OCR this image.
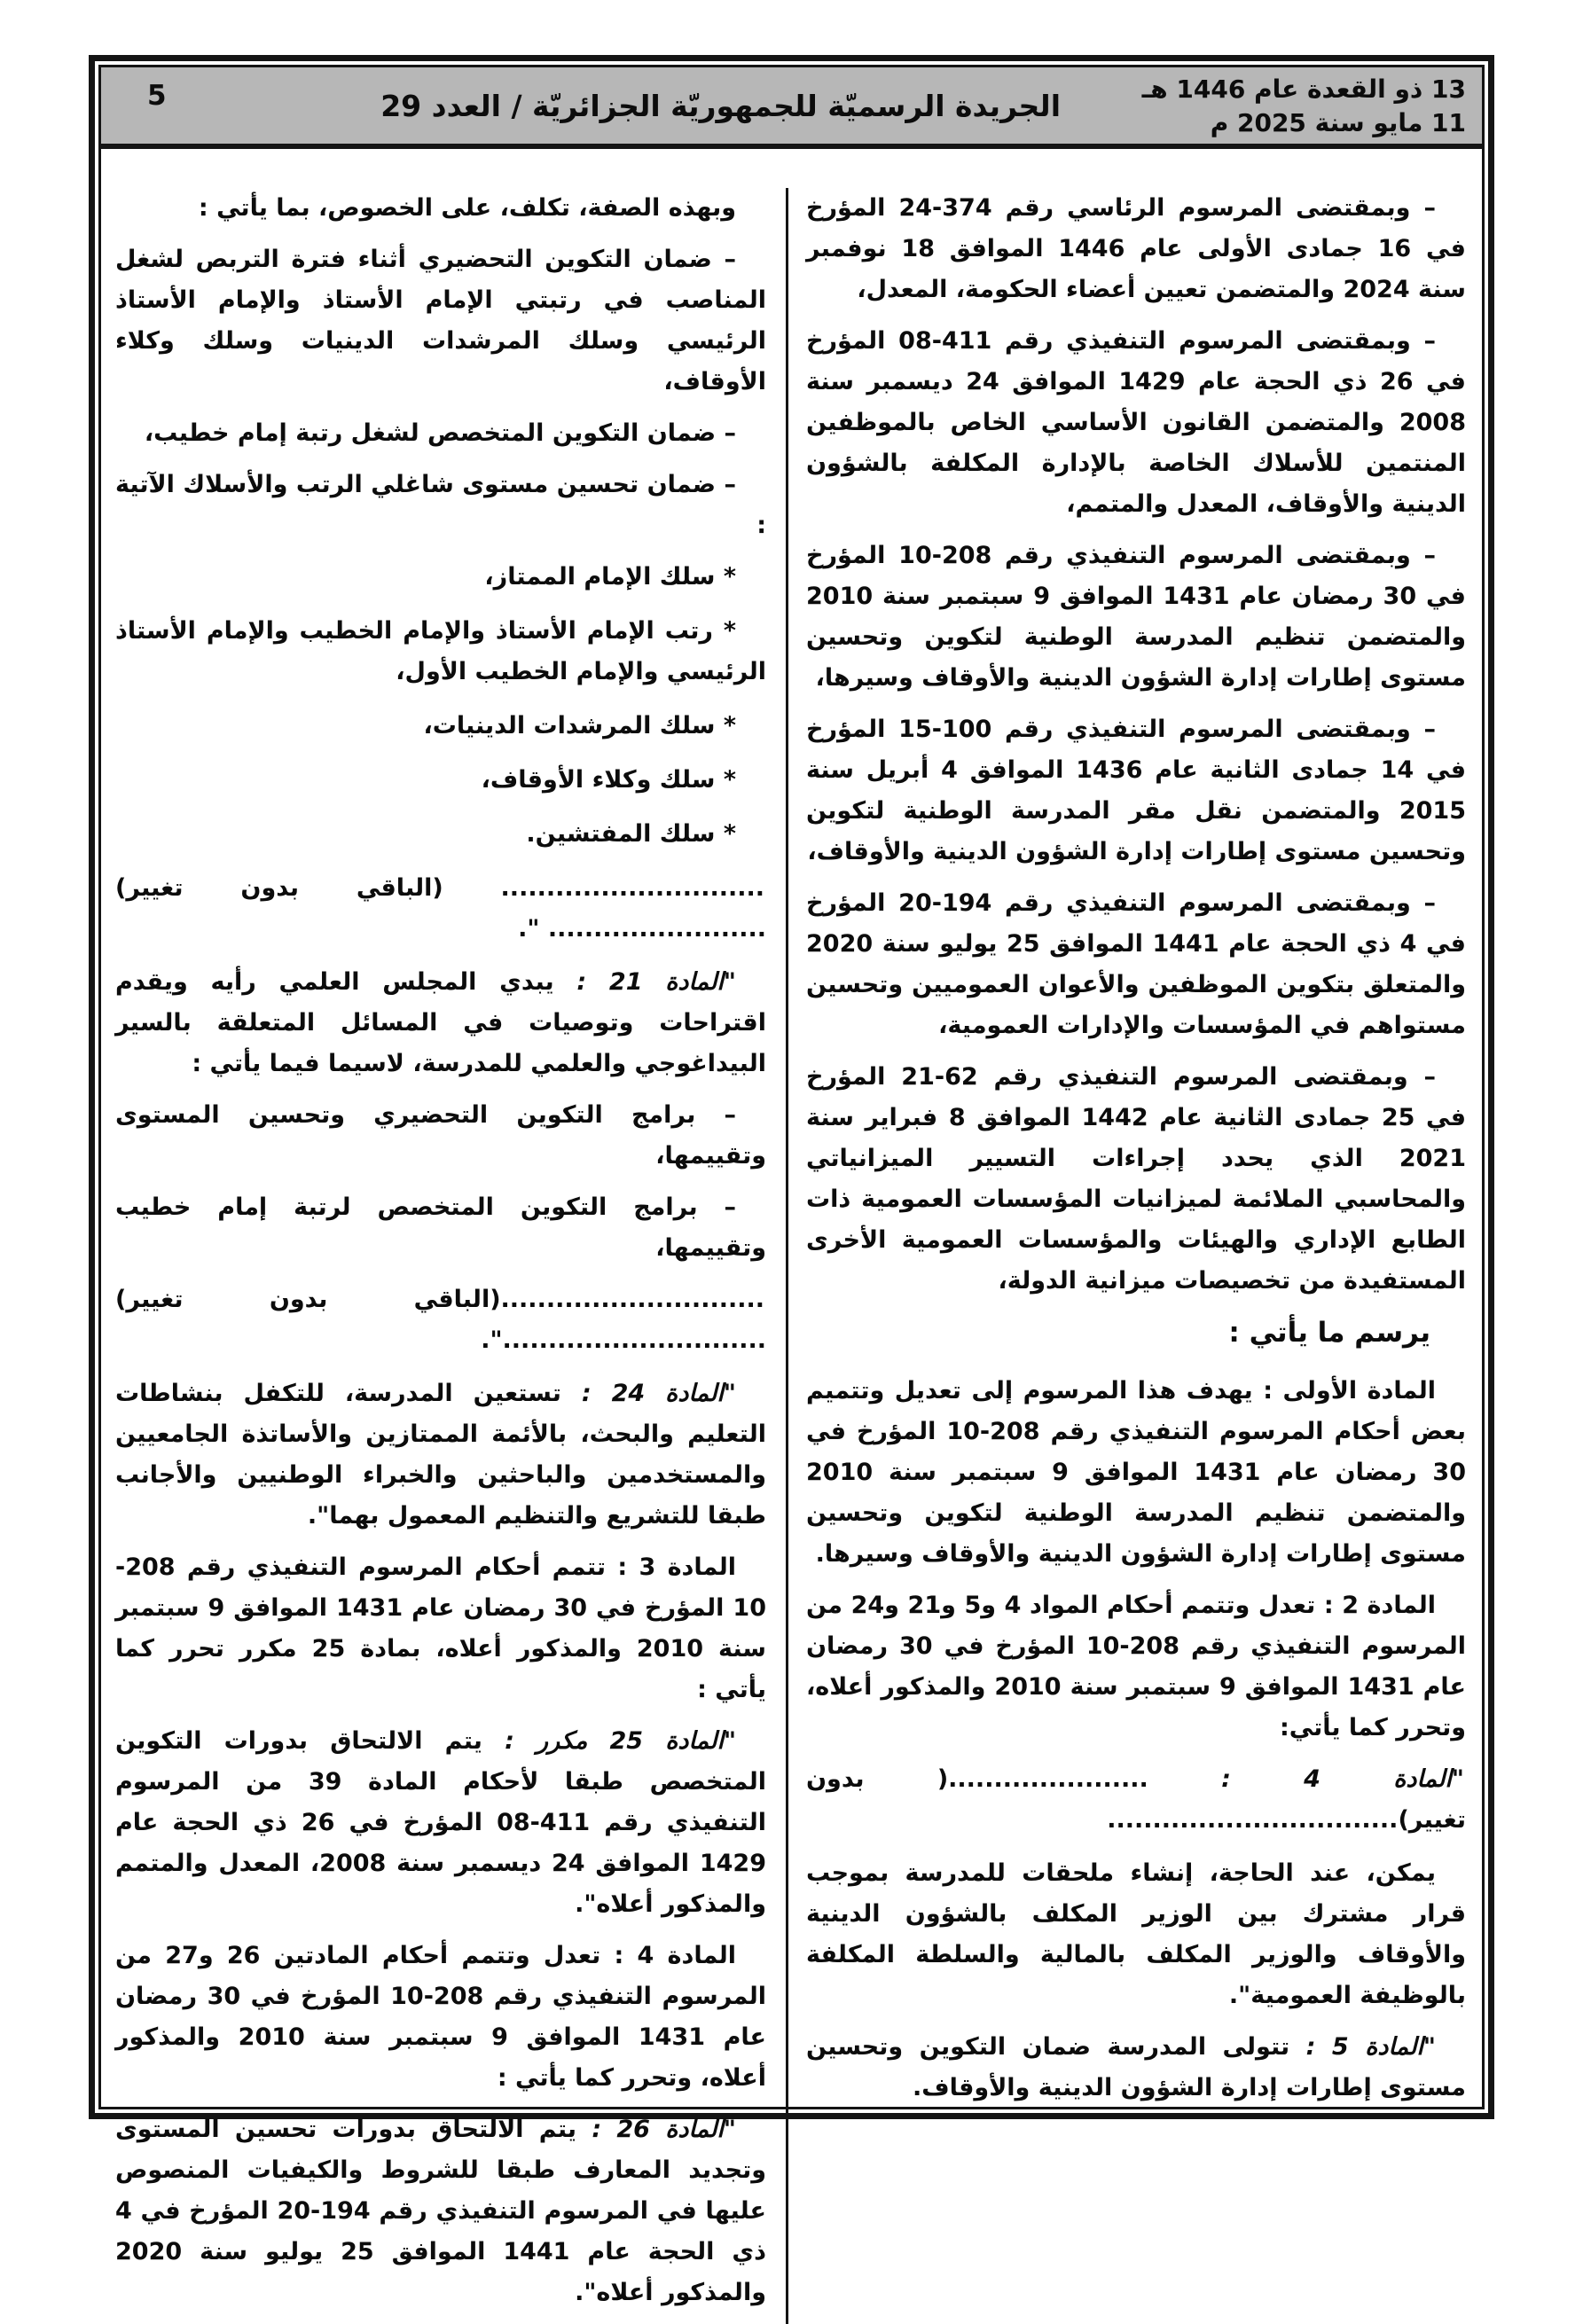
13 ذو القعدة عام 1446 هـ
11 مايو سنة 2025 م
الجريدة الرسميّة للجمهوريّة الجزائريّة / العدد 29
5

– وبمقتضى المرسوم الرئاسي رقم 374-24 المؤرخ في 16 جمادى الأولى عام 1446 الموافق 18 نوفمبر سنة 2024 والمتضمن تعيين أعضاء الحكومة، المعدل،

– وبمقتضى المرسوم التنفيذي رقم 411-08 المؤرخ في 26 ذي الحجة عام 1429 الموافق 24 ديسمبر سنة 2008 والمتضمن القانون الأساسي الخاص بالموظفين المنتمين للأسلاك الخاصة بالإدارة المكلفة بالشؤون الدينية والأوقاف، المعدل والمتمم،

– وبمقتضى المرسوم التنفيذي رقم 208-10 المؤرخ في 30 رمضان عام 1431 الموافق 9 سبتمبر سنة 2010 والمتضمن تنظيم المدرسة الوطنية لتكوين وتحسين مستوى إطارات إدارة الشؤون الدينية والأوقاف وسيرها،

– وبمقتضى المرسوم التنفيذي رقم 100-15 المؤرخ في 14 جمادى الثانية عام 1436 الموافق 4 أبريل سنة 2015 والمتضمن نقل مقر المدرسة الوطنية لتكوين وتحسين مستوى إطارات إدارة الشؤون الدينية والأوقاف،

– وبمقتضى المرسوم التنفيذي رقم 194-20 المؤرخ في 4 ذي الحجة عام 1441 الموافق 25 يوليو سنة 2020 والمتعلق بتكوين الموظفين والأعوان العموميين وتحسين مستواهم في المؤسسات والإدارات العمومية،

– وبمقتضى المرسوم التنفيذي رقم 62-21 المؤرخ في 25 جمادى الثانية عام 1442 الموافق 8 فبراير سنة 2021 الذي يحدد إجراءات التسيير الميزانياتي والمحاسبي الملائمة لميزانيات المؤسسات العمومية ذات الطابع الإداري والهيئات والمؤسسات العمومية الأخرى المستفيدة من تخصيصات ميزانية الدولة،

يرسم ما يأتي :

المادة الأولى : يهدف هذا المرسوم إلى تعديل وتتميم بعض أحكام المرسوم التنفيذي رقم 208-10 المؤرخ في 30 رمضان عام 1431 الموافق 9 سبتمبر سنة 2010 والمتضمن تنظيم المدرسة الوطنية لتكوين وتحسين مستوى إطارات إدارة الشؤون الدينية والأوقاف وسيرها.

المادة 2 : تعدل وتتمم أحكام المواد 4 و5 و21 و24 من المرسوم التنفيذي رقم 208-10 المؤرخ في 30 رمضان عام 1431 الموافق 9 سبتمبر سنة 2010 والمذكور أعلاه، وتحرر كما يأتي:

"المادة 4 : ......................( بدون تغيير)................................

يمكن، عند الحاجة، إنشاء ملحقات للمدرسة بموجب قرار مشترك بين الوزير المكلف بالشؤون الدينية والأوقاف والوزير المكلف بالمالية والسلطة المكلفة بالوظيفة العمومية".

"المادة 5 : تتولى المدرسة ضمان التكوين وتحسين مستوى إطارات إدارة الشؤون الدينية والأوقاف.

وبهذه الصفة، تكلف، على الخصوص، بما يأتي :

– ضمان التكوين التحضيري أثناء فترة التربص لشغل المناصب في رتبتي الإمام الأستاذ والإمام الأستاذ الرئيسي وسلك المرشدات الدينيات وسلك وكلاء الأوقاف،

– ضمان التكوين المتخصص لشغل رتبة إمام خطيب،

– ضمان تحسين مستوى شاغلي الرتب والأسلاك الآتية :

* سلك الإمام الممتاز،

* رتب الإمام الأستاذ والإمام الخطيب والإمام الأستاذ الرئيسي والإمام الخطيب الأول،

* سلك المرشدات الدينيات،

* سلك وكلاء الأوقاف،

* سلك المفتشين.

............................. (الباقي بدون تغيير) ........................ ".

"المادة 21 : يبدي المجلس العلمي رأيه ويقدم اقتراحات وتوصيات في المسائل المتعلقة بالسير البيداغوجي والعلمي للمدرسة، لاسيما فيما يأتي :

– برامج التكوين التحضيري وتحسين المستوى وتقييمها،

– برامج التكوين المتخصص لرتبة إمام خطيب وتقييمها،

.............................(الباقي بدون تغيير) .............................".

"المادة 24 : تستعين المدرسة، للتكفل بنشاطات التعليم والبحث، بالأئمة الممتازين والأساتذة الجامعيين والمستخدمين والباحثين والخبراء الوطنيين والأجانب طبقا للتشريع والتنظيم المعمول بهما".

المادة 3 : تتمم أحكام المرسوم التنفيذي رقم 208-10 المؤرخ في 30 رمضان عام 1431 الموافق 9 سبتمبر سنة 2010 والمذكور أعلاه، بمادة 25 مكرر تحرر كما يأتي :

"المادة 25 مكرر : يتم الالتحاق بدورات التكوين المتخصص طبقا لأحكام المادة 39 من المرسوم التنفيذي رقم 411-08 المؤرخ في 26 ذي الحجة عام 1429 الموافق 24 ديسمبر سنة 2008، المعدل والمتمم والمذكور أعلاه".

المادة 4 : تعدل وتتمم أحكام المادتين 26 و27 من المرسوم التنفيذي رقم 208-10 المؤرخ في 30 رمضان عام 1431 الموافق 9 سبتمبر سنة 2010 والمذكور أعلاه، وتحرر كما يأتي :

"المادة 26 : يتم الالتحاق بدورات تحسين المستوى وتجديد المعارف طبقا للشروط والكيفيات المنصوص عليها في المرسوم التنفيذي رقم 194-20 المؤرخ في 4 ذي الحجة عام 1441 الموافق 25 يوليو سنة 2020 والمذكور أعلاه".
